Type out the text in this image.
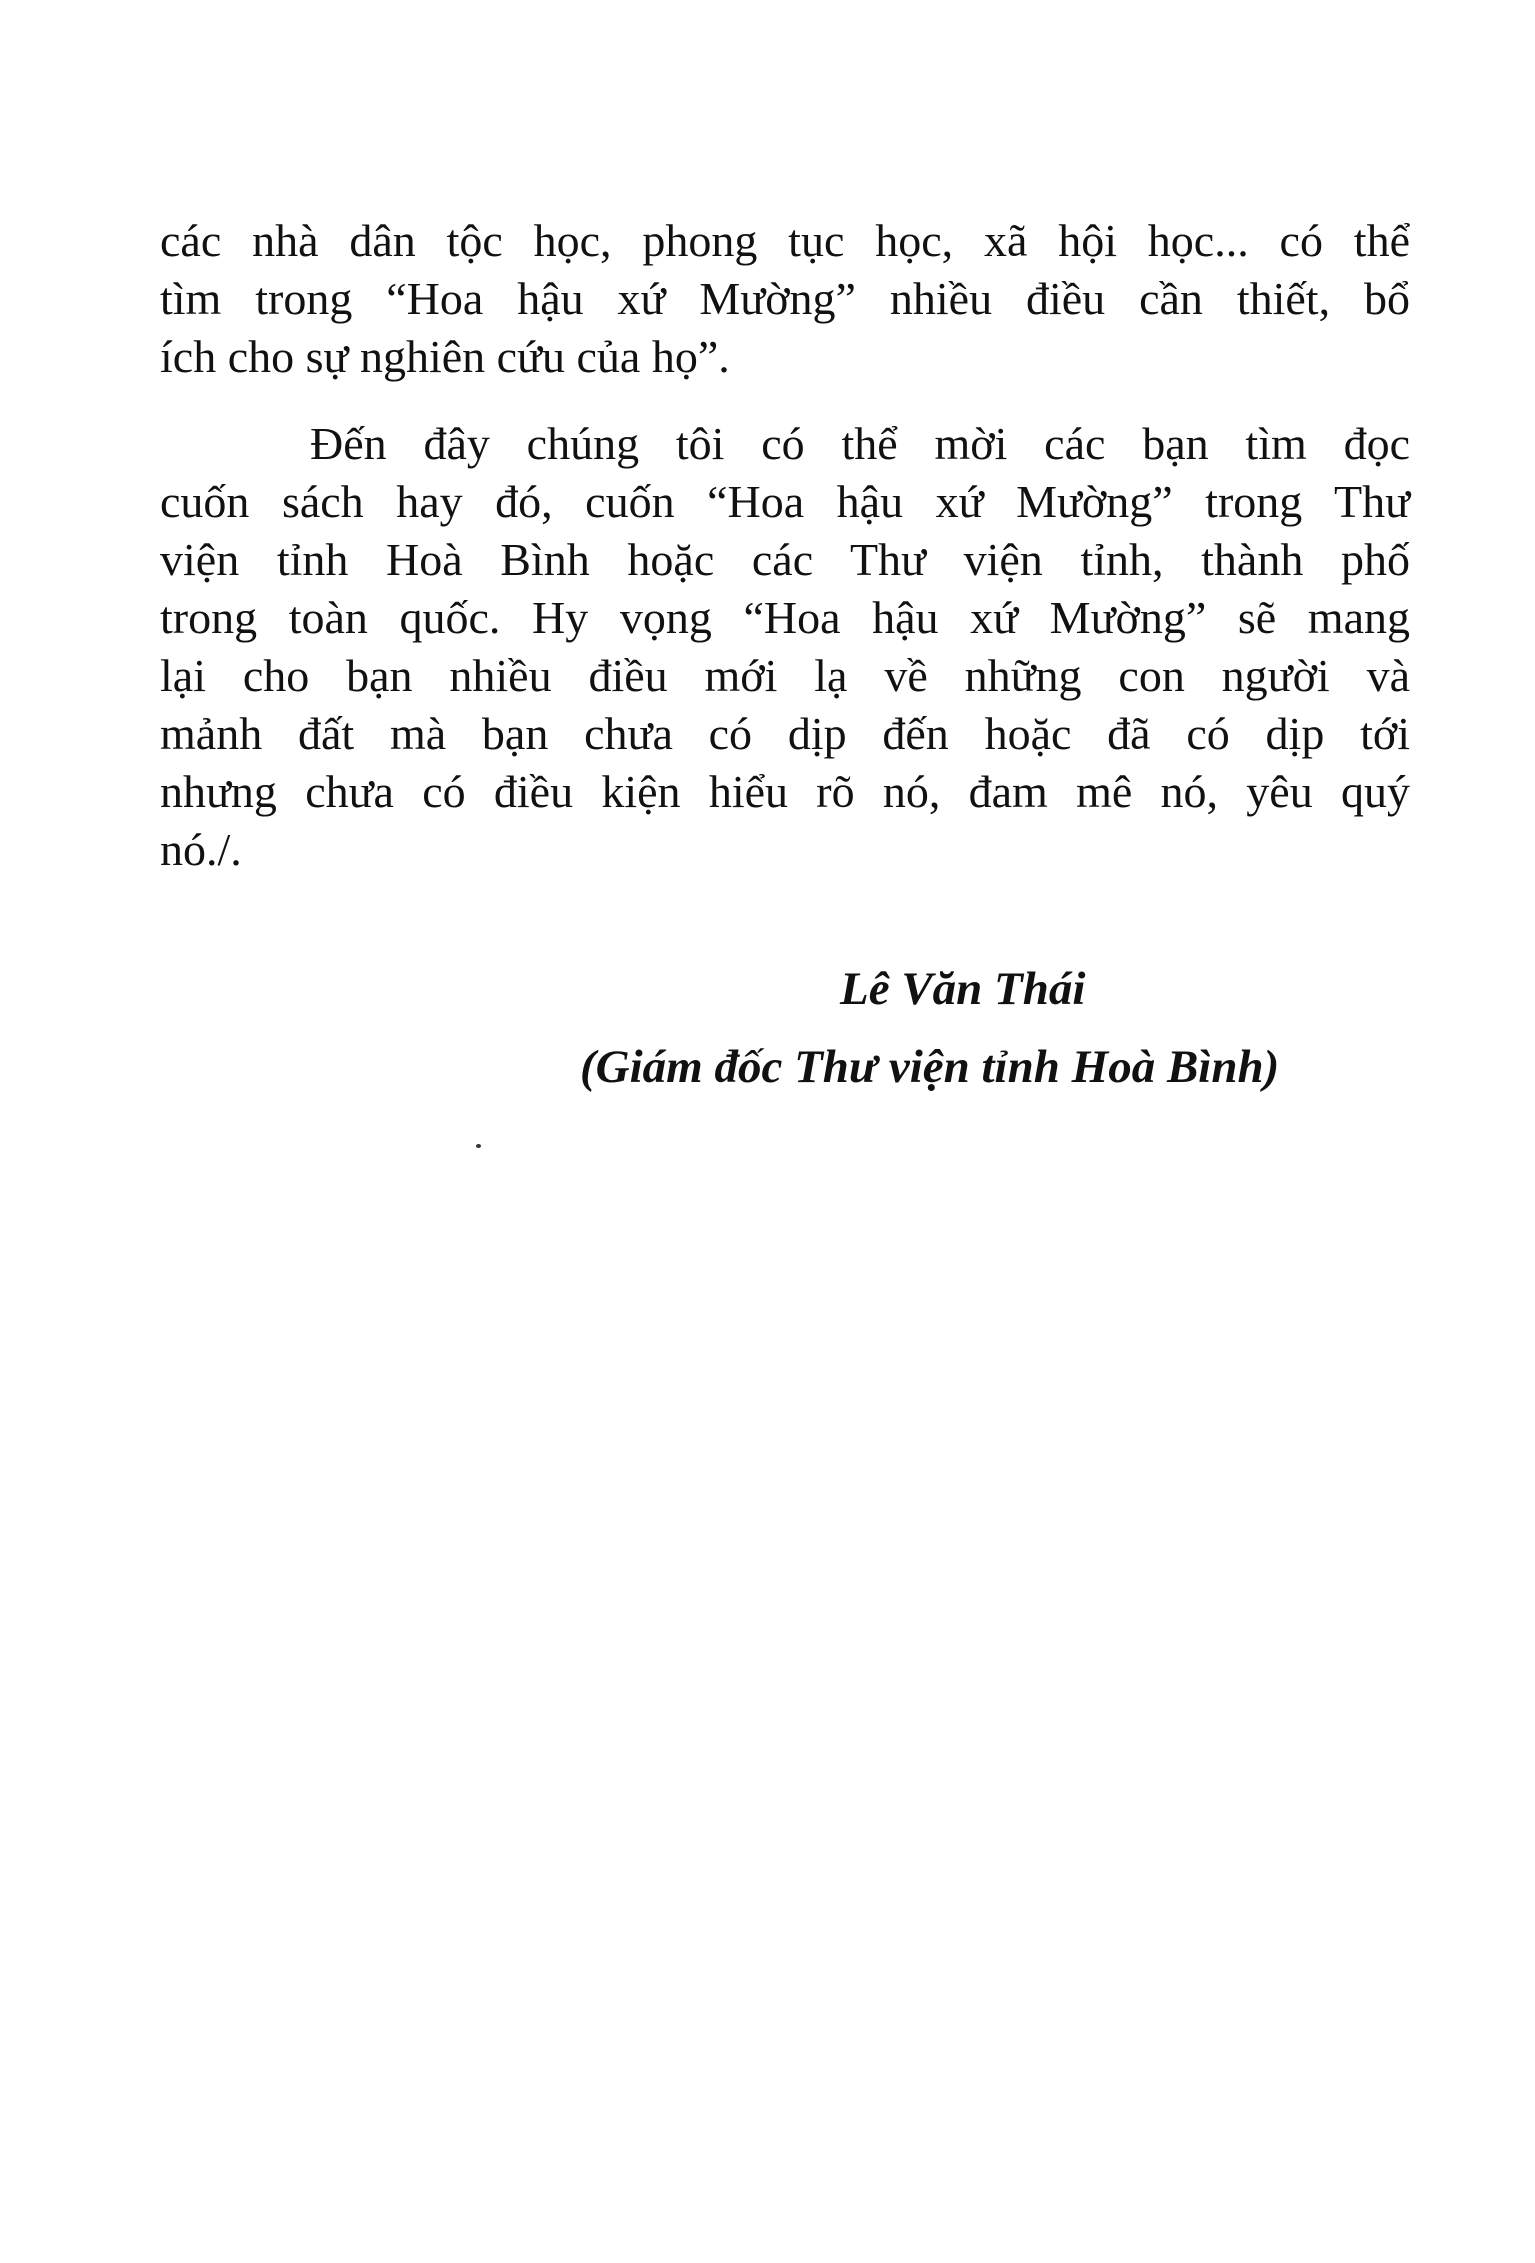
các nhà dân tộc học, phong tục học, xã hội học... có thể
tìm trong “Hoa hậu xứ Mường” nhiều điều cần thiết, bổ
ích cho sự nghiên cứu của họ”.
Đến đây chúng tôi có thể mời các bạn tìm đọc
cuốn sách hay đó, cuốn “Hoa hậu xứ Mường” trong Thư
viện tỉnh Hoà Bình hoặc các Thư viện tỉnh, thành phố
trong toàn quốc. Hy vọng “Hoa hậu xứ Mường” sẽ mang
lại cho bạn nhiều điều mới lạ về những con người và
mảnh đất mà bạn chưa có dịp đến hoặc đã có dịp tới
nhưng chưa có điều kiện hiểu rõ nó, đam mê nó, yêu quý
nó./.
Lê Văn Thái
(Giám đốc Thư viện tỉnh Hoà Bình)
